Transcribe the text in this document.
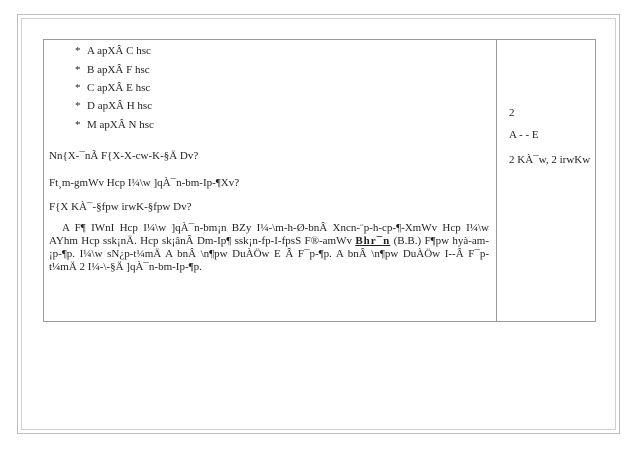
* A apXÂ C hsc
* B apXÂ F hsc
* C apXÂ E hsc
* D apXÂ H hsc
* M apXÂ N hsc
Nn{X-¯nÃ F{X-X-cw-K-§Ä Dv?
Ft¸m-gmWv Hcp I¼\w ]qÀ¯n-bm-Ip-¶Xv?
F{X KÀ¯-§fpw irwK-§fpw Dv?
A F¶ IWnI Hcp I¼\w ]qÀ¯n-bm¡n BZy I¼-\m-h-Ø-bnÂ Xncn-¨p-h-cp-¶-XmWv Hcp I¼\w AYhm Hcp ssk¡nÄ. Hcp sk¡ânÂ Dm-Ip¶ ssk¡n-fp-I-fpsS F®-amWv Bhr¯n (B.B.) F¶pw hyà-am-¡p-¶p. I¼\w sN¿p-t¼mÄ A bnÂ \n¶pw DuÀÖw E Â F¯p-¶p. A bnÂ \n¶pw DuÀÖw I--Â F¯p-t¼mÄ 2 I¼-\-§Ä ]qÀ¯n-bm-Ip-¶p.
2
A - - E
2 KÀ¯w, 2 irwKw
